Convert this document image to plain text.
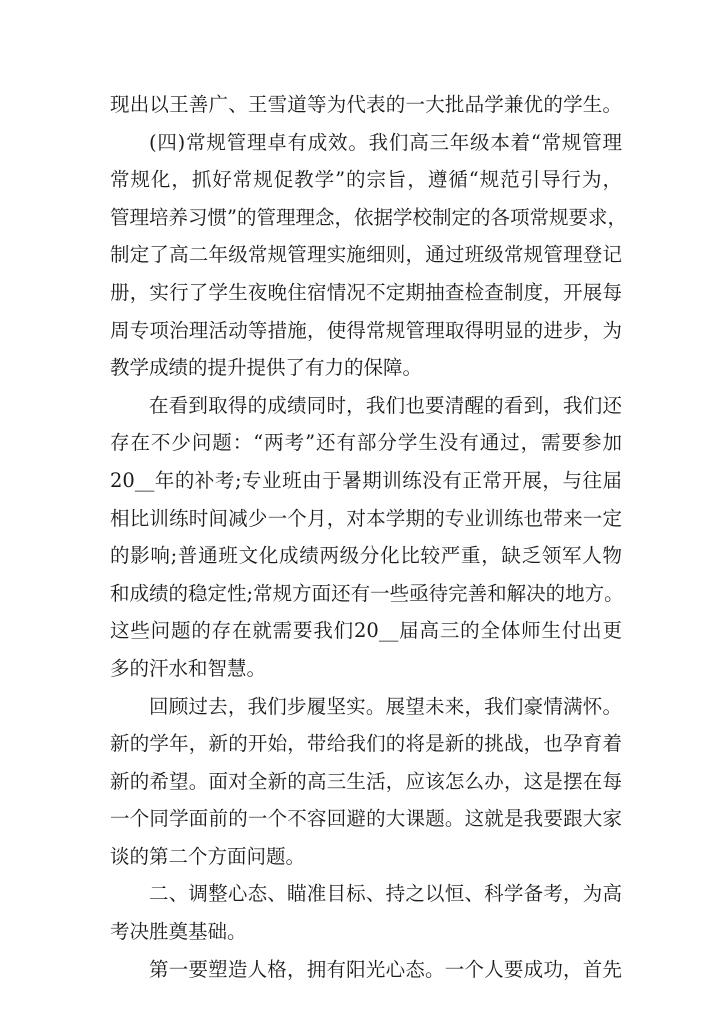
现出以王善广、王雪道等为代表的一大批品学兼优的学生。
(四)常规管理卓有成效。我们高三年级本着“常规管理
常规化，抓好常规促教学”的宗旨，遵循“规范引导行为，
管理培养习惯”的管理理念，依据学校制定的各项常规要求，
制定了高二年级常规管理实施细则，通过班级常规管理登记
册，实行了学生夜晚住宿情况不定期抽查检查制度，开展每
周专项治理活动等措施，使得常规管理取得明显的进步，为
教学成绩的提升提供了有力的保障。
在看到取得的成绩同时，我们也要清醒的看到，我们还
存在不少问题：“两考”还有部分学生没有通过，需要参加
20__年的补考;专业班由于暑期训练没有正常开展，与往届
相比训练时间减少一个月，对本学期的专业训练也带来一定
的影响;普通班文化成绩两级分化比较严重，缺乏领军人物
和成绩的稳定性;常规方面还有一些亟待完善和解决的地方。
这些问题的存在就需要我们20__届高三的全体师生付出更
多的汗水和智慧。
回顾过去，我们步履坚实。展望未来，我们豪情满怀。
新的学年，新的开始，带给我们的将是新的挑战，也孕育着
新的希望。面对全新的高三生活，应该怎么办，这是摆在每
一个同学面前的一个不容回避的大课题。这就是我要跟大家
谈的第二个方面问题。
二、调整心态、瞄准目标、持之以恒、科学备考，为高
考决胜奠基础。
第一要塑造人格，拥有阳光心态。一个人要成功，首先
